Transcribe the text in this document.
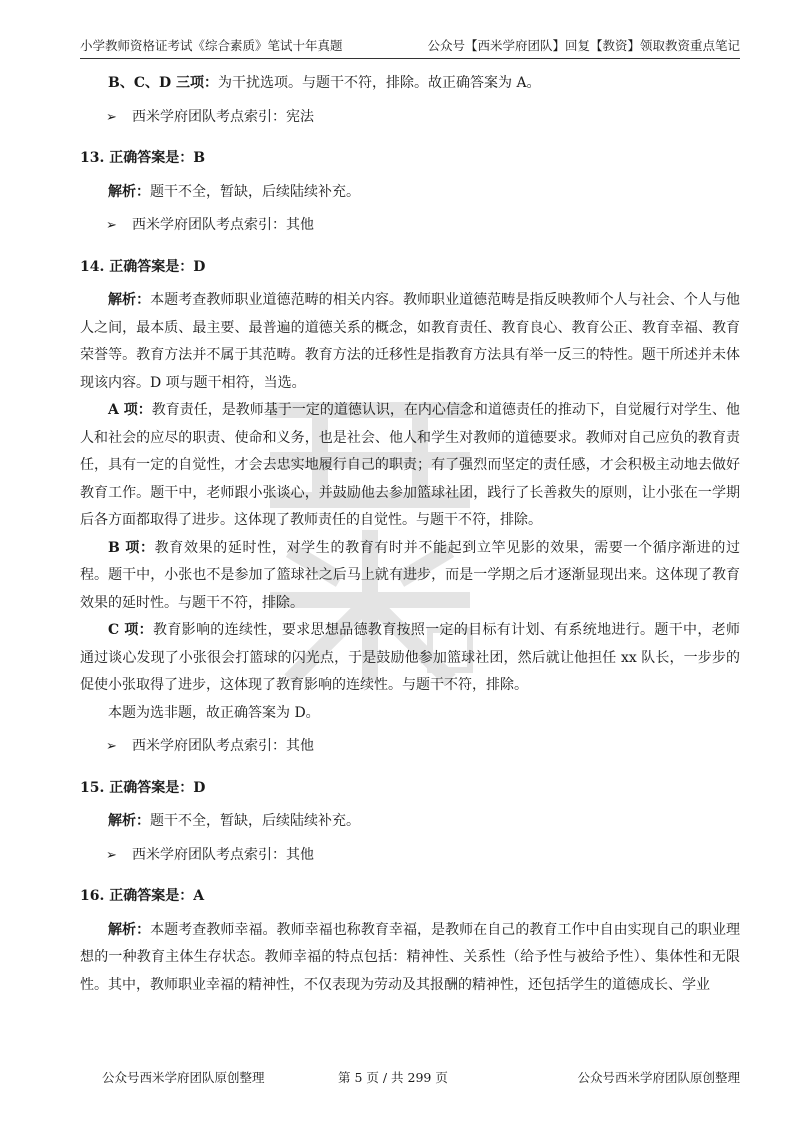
小学教师资格证考试《综合素质》笔试十年真题	公众号【西米学府团队】回复【教资】领取教资重点笔记

B、C、D 三项：为干扰选项。与题干不符，排除。故正确答案为 A。

➢	西米学府团队考点索引：宪法
13. 正确答案是：B

解析：题干不全，暂缺，后续陆续补充。

➢	西米学府团队考点索引：其他
14. 正确答案是：D

解析：本题考查教师职业道德范畴的相关内容。教师职业道德范畴是指反映教师个人与社会、个人与他人之间，最本质、最主要、最普遍的道德关系的概念，如教育责任、教育良心、教育公正、教育幸福、教育荣誉等。教育方法并不属于其范畴。教育方法的迁移性是指教育方法具有举一反三的特性。题干所述并未体现该内容。D 项与题干相符，当选。

A 项：教育责任，是教师基于一定的道德认识，在内心信念和道德责任的推动下，自觉履行对学生、他人和社会的应尽的职责、使命和义务，也是社会、他人和学生对教师的道德要求。教师对自己应负的教育责任，具有一定的自觉性，才会去忠实地履行自己的职责；有了强烈而坚定的责任感，才会积极主动地去做好教育工作。题干中，老师跟小张谈心，并鼓励他去参加篮球社团，践行了长善救失的原则，让小张在一学期后各方面都取得了进步。这体现了教师责任的自觉性。与题干不符，排除。

B 项：教育效果的延时性，对学生的教育有时并不能起到立竿见影的效果，需要一个循序渐进的过程。题干中，小张也不是参加了篮球社之后马上就有进步，而是一学期之后才逐渐显现出来。这体现了教育效果的延时性。与题干不符，排除。

C 项：教育影响的连续性，要求思想品德教育按照一定的目标有计划、有系统地进行。题干中，老师通过谈心发现了小张很会打篮球的闪光点，于是鼓励他参加篮球社团，然后就让他担任 xx 队长，一步步的促使小张取得了进步，这体现了教育影响的连续性。与题干不符，排除。

本题为选非题，故正确答案为 D。

➢	西米学府团队考点索引：其他
15. 正确答案是：D

解析：题干不全，暂缺，后续陆续补充。

➢	西米学府团队考点索引：其他
16. 正确答案是：A

解析：本题考查教师幸福。教师幸福也称教育幸福，是教师在自己的教育工作中自由实现自己的职业理想的一种教育主体生存状态。教师幸福的特点包括：精神性、关系性（给予性与被给予性）、集体性和无限性。其中，教师职业幸福的精神性，不仅表现为劳动及其报酬的精神性，还包括学生的道德成长、学业

公众号西米学府团队原创整理	第 5 页 / 共 299 页	公众号西米学府团队原创整理
